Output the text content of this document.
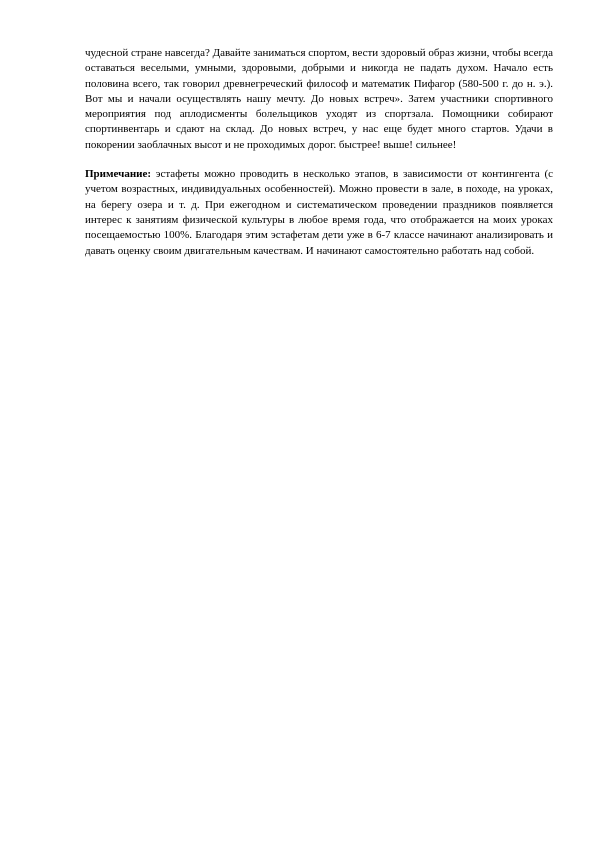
чудесной стране навсегда? Давайте заниматься спортом, вести здоровый образ жизни, чтобы всегда оставаться веселыми, умными, здоровыми, добрыми и никогда не падать духом. Начало есть половина всего, так говорил древнегреческий философ и математик Пифагор (580-500 г. до н. э.). Вот мы и начали осуществлять нашу мечту. До новых встреч». Затем участники спортивного мероприятия под аплодисменты болельщиков уходят из спортзала. Помощники собирают спортинвентарь и сдают на склад. До новых встреч, у нас еще будет много стартов. Удачи в покорении заоблачных высот и не проходимых дорог. быстрее! выше! сильнее!

Примечание: эстафеты можно проводить в несколько этапов, в зависимости от контингента (с учетом возрастных, индивидуальных особенностей). Можно провести в зале, в походе, на уроках, на берегу озера и т. д. При ежегодном и систематическом проведении праздников появляется интерес к занятиям физической культуры в любое время года, что отображается на моих уроках посещаемостью 100%. Благодаря этим эстафетам дети уже в 6-7 классе начинают анализировать и давать оценку своим двигательным качествам. И начинают самостоятельно работать над собой.
